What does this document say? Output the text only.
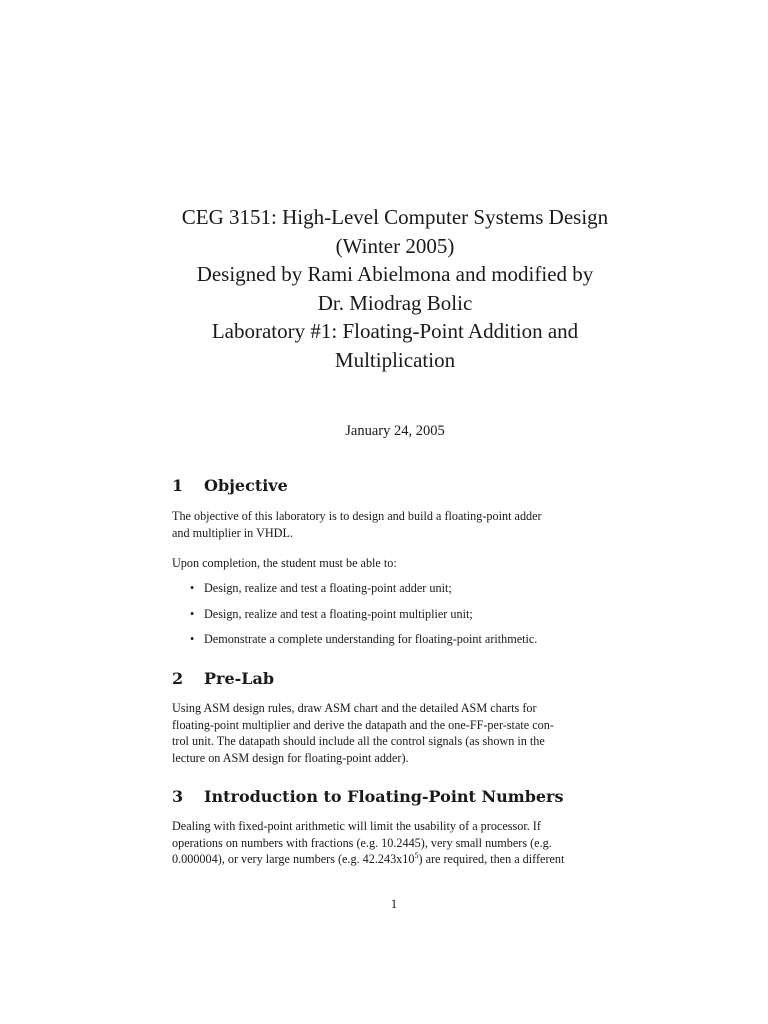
CEG 3151: High-Level Computer Systems Design
(Winter 2005)
Designed by Rami Abielmona and modified by
Dr. Miodrag Bolic
Laboratory #1: Floating-Point Addition and
Multiplication
January 24, 2005
1 Objective
The objective of this laboratory is to design and build a floating-point adder
and multiplier in VHDL.
Upon completion, the student must be able to:
• Design, realize and test a floating-point adder unit;
• Design, realize and test a floating-point multiplier unit;
• Demonstrate a complete understanding for floating-point arithmetic.
2 Pre-Lab
Using ASM design rules, draw ASM chart and the detailed ASM charts for
floating-point multiplier and derive the datapath and the one-FF-per-state con-
trol unit. The datapath should include all the control signals (as shown in the
lecture on ASM design for floating-point adder).
3 Introduction to Floating-Point Numbers
Dealing with fixed-point arithmetic will limit the usability of a processor. If
operations on numbers with fractions (e.g. 10.2445), very small numbers (e.g.
0.000004), or very large numbers (e.g. $42.243x10^5$) are required, then a different
1
